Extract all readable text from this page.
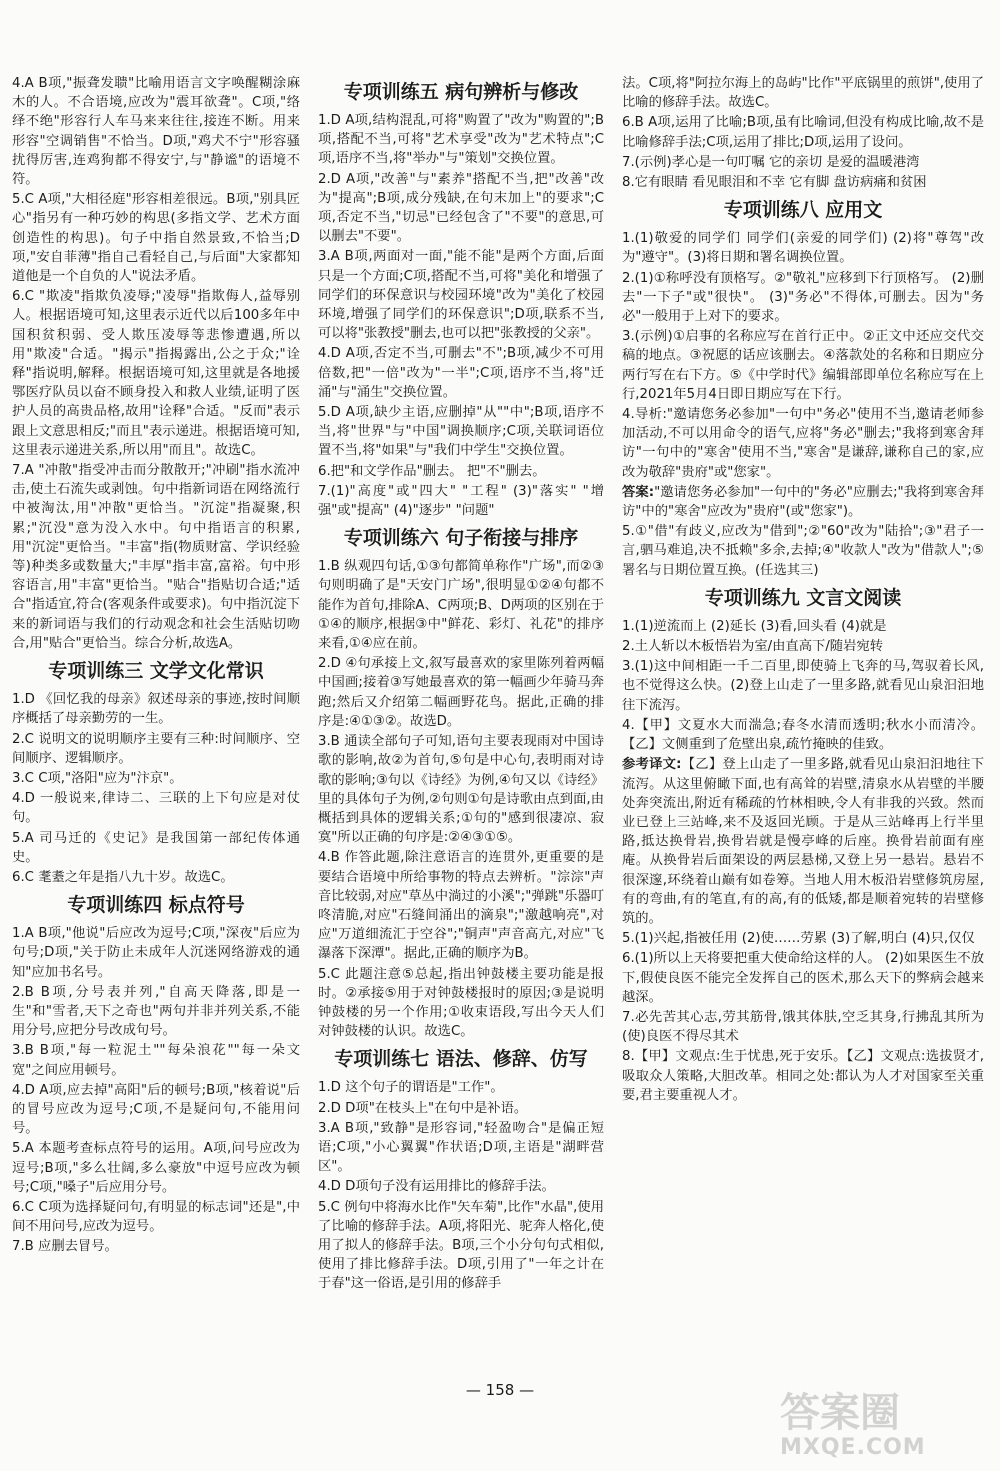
4.A B项,"振聋发聩"比喻用语言文字唤醒糊涂麻木的人。不合语境,应改为"震耳欲聋"。C项,"络绎不绝"形容行人车马来来往往,接连不断。用来形容"空调销售"不恰当。D项,"鸡犬不宁"形容骚扰得厉害,连鸡狗都不得安宁,与"静谧"的语境不符。

5.C A项,"大相径庭"形容相差很远。B项,"别具匠心"指另有一种巧妙的构思(多指文学、艺术方面创造性的构思)。句子中指自然景致,不恰当;D项,"安自菲薄"指自己看轻自己,与后面"大家都知道他是一个自负的人"说法矛盾。

6.C "欺凌"指欺负凌辱;"凌辱"指欺侮人,益辱别人。根据语境可知,这里表示近代以后100多年中国积贫积弱、受人欺压凌辱等悲惨遭遇,所以用"欺凌"合适。"揭示"指揭露出,公之于众;"诠释"指说明,解释。根据语境可知,这里就是各地援鄂医疗队员以奋不顾身投入和救人业绩,证明了医护人员的高贵品格,故用"诠释"合适。"反而"表示跟上文意思相反;"而且"表示递进。根据语境可知,这里表示递进关系,所以用"而且"。故选C。

7.A "冲散"指受冲击而分散散开;"冲刷"指水流冲击,使土石流失或剥蚀。句中指新词语在网络流行中被淘汰,用"冲散"更恰当。"沉淀"指凝聚,积累;"沉没"意为没入水中。句中指语言的积累,用"沉淀"更恰当。"丰富"指(物质财富、学识经验等)种类多或数量大;"丰厚"指丰富,富裕。句中形容语言,用"丰富"更恰当。"贴合"指贴切合适;"适合"指适宜,符合(客观条件或要求)。句中指沉淀下来的新词语与我们的行动观念和社会生活贴切吻合,用"贴合"更恰当。综合分析,故选A。

专项训练三 文学文化常识

1.D 《回忆我的母亲》叙述母亲的事迹,按时间顺序概括了母亲勤劳的一生。

2.C 说明文的说明顺序主要有三种:时间顺序、空间顺序、逻辑顺序。

3.C C项,"洛阳"应为"汴京"。

4.D 一般说来,律诗二、三联的上下句应是对仗句。

5.A 司马迁的《史记》是我国第一部纪传体通史。

6.C 耄耋之年是指八九十岁。故选C。

专项训练四 标点符号

1.A B项,"他说"后应改为逗号;C项,"深夜"后应为句号;D项,"关于防止未成年人沉迷网络游戏的通知"应加书名号。

2.B B项,分号表并列,"自高天降落,即是一生"和"雪者,天下之奇也"两句并非并列关系,不能用分号,应把分号改成句号。

3.B B项,"每一粒泥土""每朵浪花""每一朵文宽"之间应用顿号。

4.D A项,应去掉"高阳"后的顿号;B项,"核着说"后的冒号应改为逗号;C项,不是疑问句,不能用问号。

5.A 本题考查标点符号的运用。A项,问号应改为逗号;B项,"多么壮阔,多么豪放"中逗号应改为顿号;C项,"嗓子"后应用分号。

6.C C项为选择疑问句,有明显的标志词"还是",中间不用问号,应改为逗号。

7.B 应删去冒号。

专项训练五 病句辨析与修改

1.D A项,结构混乱,可将"购置了"改为"购置的";B项,搭配不当,可将"艺术享受"改为"艺术特点";C项,语序不当,将"举办"与"策划"交换位置。

2.D A项,"改善"与"素养"搭配不当,把"改善"改为"提高";B项,成分残缺,在句末加上"的要求";C项,否定不当,"切忌"已经包含了"不要"的意思,可以删去"不要"。

3.A B项,两面对一面,"能不能"是两个方面,后面只是一个方面;C项,搭配不当,可将"美化和增强了同学们的环保意识与校园环境"改为"美化了校园环境,增强了同学们的环保意识";D项,联系不当,可以将"张教授"删去,也可以把"张教授的父亲"。

4.D A项,否定不当,可删去"不";B项,减少不可用倍数,把"一倍"改为"一半";C项,语序不当,将"迁涌"与"涌生"交换位置。

5.D A项,缺少主语,应删掉"从""中";B项,语序不当,将"世界"与"中国"调换顺序;C项,关联词语位置不当,将"如果"与"我们中学生"交换位置。

6.把"和文学作品"删去。 把"不"删去。

7.(1)"高度"或"四大" "工程" (3)"落实" "增强"或"提高" (4)"逐步" "问题"

专项训练六 句子衔接与排序

1.B 纵观四句话,①③句都简单称作"广场",而②③句则明确了是"天安门广场",很明显①②④句都不能作为首句,排除A、C两项;B、D两项的区别在于①④的顺序,根据③中"鲜花、彩灯、礼花"的排序来看,①④应在前。

2.D ④句承接上文,叙写最喜欢的家里陈列着两幅中国画;接着③写她最喜欢的第一幅画少年骑马奔跑;然后又介绍第二幅画野花鸟。据此,正确的排序是:④①③②。故选D。

3.B 通读全部句子可知,语句主要表现雨对中国诗歌的影响,故②为首句,⑤句是中心句,表明雨对诗歌的影响;③句以《诗经》为例,④句又以《诗经》里的具体句子为例,②句则①句是诗歌由点到面,由概括到具体的逻辑关系;①句的"感到很凄凉、寂寞"所以正确的句序是:②④③①⑤。

4.B 作答此题,除注意语言的连贯外,更重要的是要结合语境中所给事物的特点去辨析。"淙淙"声音比较弱,对应"草丛中淌过的小溪";"弹跳"乐器叮咚清脆,对应"石缝间涌出的滴泉";"激越响亮",对应"万道细流汇于空谷";"铜声"声音高亢,对应"飞瀑落下深潭"。据此,正确的顺序为B。

5.C 此题注意⑤总起,指出钟鼓楼主要功能是报时。②承接⑤用于对钟鼓楼报时的原因;③是说明钟鼓楼的另一个作用;①收束语段,写出今天人们对钟鼓楼的认识。故选C。

专项训练七 语法、修辞、仿写

1.D 这个句子的谓语是"工作"。

2.D D项"在枝头上"在句中是补语。

3.A B项,"致静"是形容词,"轻盈吻合"是偏正短语;C项,"小心翼翼"作状语;D项,主语是"湖畔营区"。

4.D D项句子没有运用排比的修辞手法。

5.C 例句中将海水比作"矢车菊",比作"水晶",使用了比喻的修辞手法。A项,将阳光、驼奔人格化,使用了拟人的修辞手法。B项,三个小分句句式相似,使用了排比修辞手法。D项,引用了"一年之计在于春"这一俗语,是引用的修辞手

法。C项,将"阿拉尔海上的岛屿"比作"平底锅里的煎饼",使用了比喻的修辞手法。故选C。

6.B A项,运用了比喻;B项,虽有比喻词,但没有构成比喻,故不是比喻修辞手法;C项,运用了排比;D项,运用了设问。

7.(示例)孝心是一句叮嘱 它的亲切 是爱的温暖港湾

8.它有眼睛 看见眼泪和不幸 它有脚 盘访病痛和贫困

专项训练八 应用文

1.(1)敬爱的同学们 同学们(亲爱的同学们) (2)将"尊驾"改为"遵守"。(3)将日期和署名调换位置。

2.(1)①称呼没有顶格写。②"敬礼"应移到下行顶格写。 (2)删去"一下子"或"很快"。 (3)"务必"不得体,可删去。因为"务必"一般用于上对下的要求。

3.(示例)①启事的名称应写在首行正中。②正文中还应交代交稿的地点。③祝愿的话应该删去。④落款处的名称和日期应分两行写在右下方。⑤《中学时代》编辑部即单位名称应写在上行,2021年5月4日即日期应写在下行。

4.导析:"邀请您务必参加"一句中"务必"使用不当,邀请老师参加活动,不可以用命令的语气,应将"务必"删去;"我将到寒舍拜访"一句中的"寒舍"使用不当,"寒舍"是谦辞,谦称自己的家,应改为敬辞"贵府"或"您家"。

答案:"邀请您务必参加"一句中的"务必"应删去;"我将到寒舍拜访"中的"寒舍"应改为"贵府"(或"您家")。

5.①"借"有歧义,应改为"借到";②"60"改为"陆拾";③"君子一言,驷马难追,决不抵赖"多余,去掉;④"收款人"改为"借款人";⑤署名与日期位置互换。(任选其三)

专项训练九 文言文阅读

1.(1)逆流而上 (2)延长 (3)看,回头看 (4)就是

2.土人斩以木板悟岩为室/由直高下/随岩宛转

3.(1)这中间相距一千二百里,即使骑上飞奔的马,驾驭着长风,也不觉得这么快。(2)登上山走了一里多路,就看见山泉汩汩地往下流泻。

4.【甲】文夏水大而湍急;春冬水清而透明;秋水小而清冷。【乙】文侧重到了危壁出泉,疏竹掩映的佳致。

参考译文:【乙】登上山走了一里多路,就看见山泉汩汩地往下流泻。从这里俯瞰下面,也有高耸的岩壁,清泉水从岩壁的半腰处奔突流出,附近有稀疏的竹林相映,令人有非我的兴致。然而业已登上三站峰,来不及返回光顾。于是从三站峰再上行半里路,抵达换骨岩,换骨岩就是慢亭峰的后座。换骨岩前面有座庵。从换骨岩后面架设的两层悬梯,又登上另一悬岩。悬岩不很深邃,环绕着山巅有如卷筹。当地人用木板沿岩壁修筑房屋,有的弯曲,有的笔直,有的高,有的低矮,都是顺着宛转的岩壁修筑的。

5.(1)兴起,指被任用 (2)使……劳累 (3)了解,明白 (4)只,仅仅

6.(1)所以上天将要把重大使命给这样的人。 (2)如果医生不放下,假使良医不能完全发挥自己的医术,那么天下的弊病会越来越深。

7.必先苦其心志,劳其筋骨,饿其体肤,空乏其身,行拂乱其所为 (使)良医不得尽其术

8.【甲】文观点:生于忧患,死于安乐。【乙】文观点:选拔贤才,吸取众人策略,大胆改革。相同之处:都认为人才对国家至关重要,君主要重视人才。

— 158 —	答案圈
MXQE.COM
